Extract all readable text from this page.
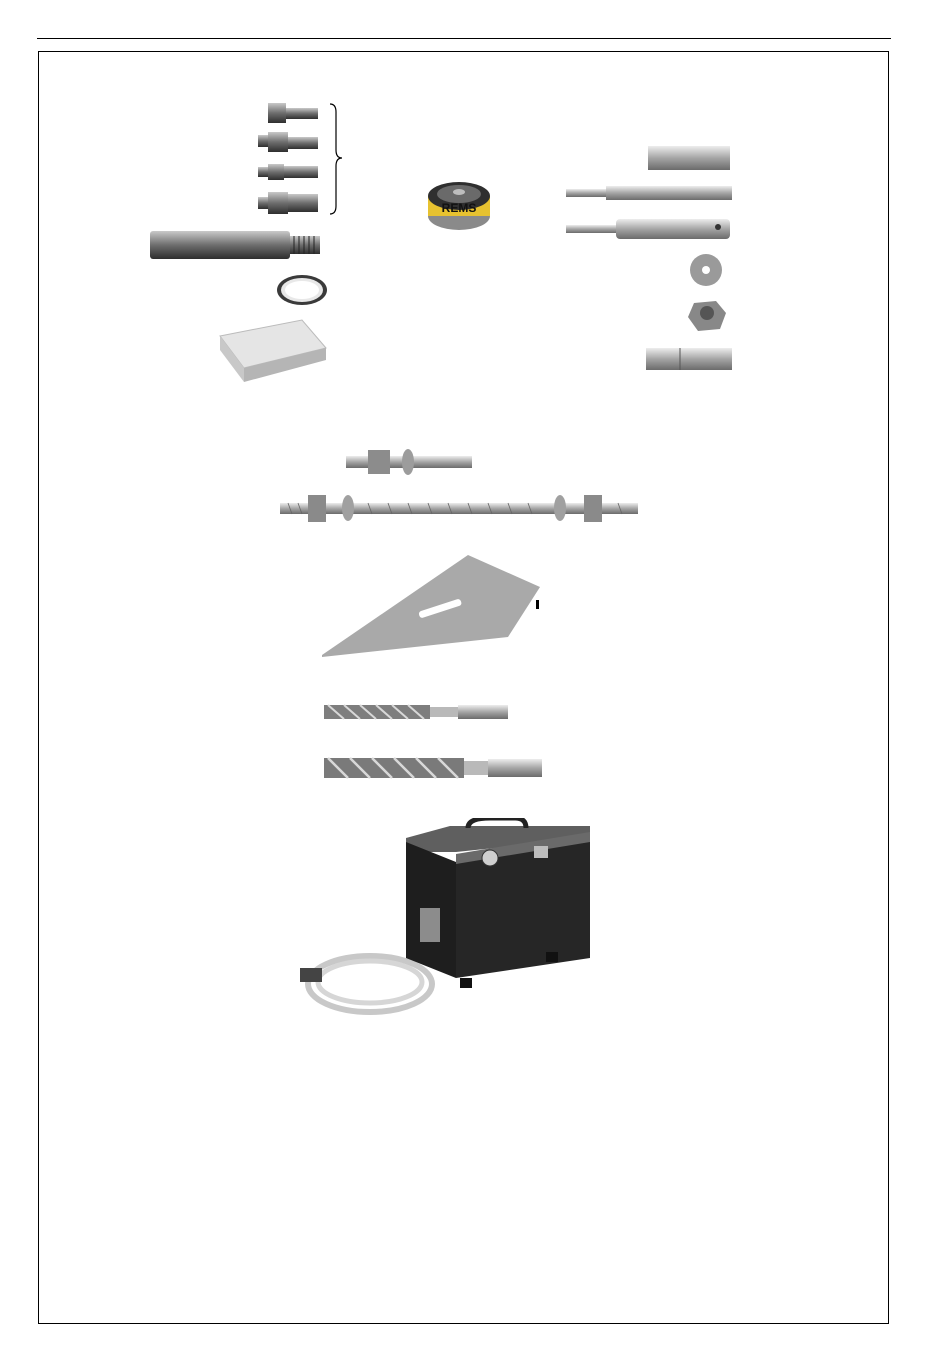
REMS
